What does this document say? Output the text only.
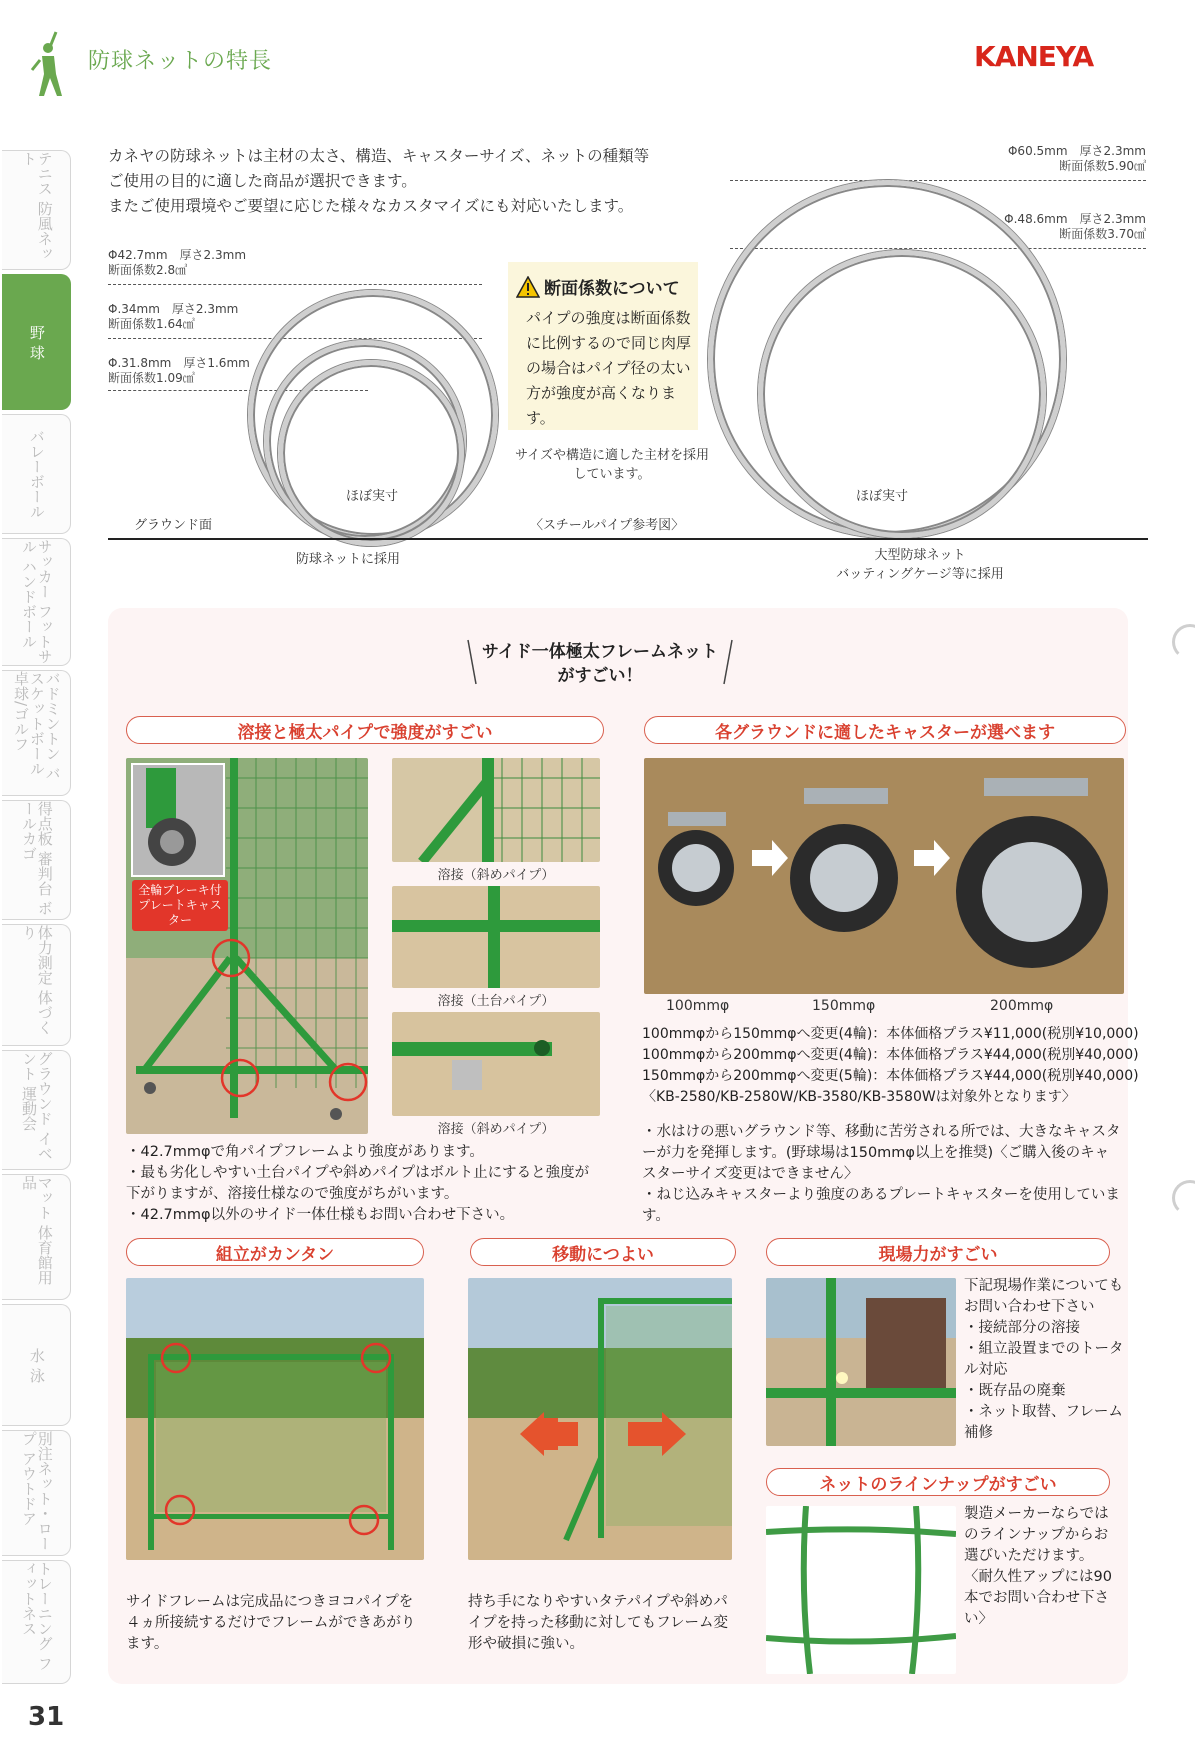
防球ネットの特長	KANEYA
テニス 防風ネット
野 球
バレーボール
サッカー フットサル ハンドボール
バドミントン バスケットボール 卓球/ゴルフ
得点板 審判台 ボールカゴ
体力測定 体づくり
グラウンド イベント 運動会
マット 体育館用品
水 泳
別注ネット・ロープ アウトドア
トレーニング フィットネス
31
カネヤの防球ネットは主材の太さ、構造、キャスターサイズ、ネットの種類等
ご使用の目的に適した商品が選択できます。
またご使用環境やご要望に応じた様々なカスタマイズにも対応いたします。
Φ42.7mm　厚さ2.3mm
断面係数2.8㎤
Φ.34mm　厚さ2.3mm
断面係数1.64㎤
Φ.31.8mm　厚さ1.6mm
断面係数1.09㎤
ほぼ実寸
グラウンド面
断面係数について
パイプの強度は断面係数に比例するので同じ肉厚の場合はパイプ径の太い方が強度が高くなります。
サイズや構造に適した主材を採用しています。
〈スチールパイプ参考図〉
Φ60.5mm　厚さ2.3mm
断面係数5.90㎤
Φ.48.6mm　厚さ2.3mm
断面係数3.70㎤
ほぼ実寸
防球ネットに採用	大型防球ネット
バッティングケージ等に採用
サイド一体極太フレームネット
がすごい！
溶接と極太パイプで強度がすごい
全輪ブレーキ付プレートキャスター
溶接（斜めパイプ）
溶接（土台パイプ）
溶接（斜めパイプ）
・42.7mmφで角パイプフレームより強度があります。
・最も劣化しやすい土台パイプや斜めパイプはボルト止にすると強度が下がりますが、溶接仕様なので強度がちがいます。
・42.7mmφ以外のサイド一体仕様もお問い合わせ下さい。
各グラウンドに適したキャスターが選べます
100mmφ	150mmφ	200mmφ
100mmφから150mmφへ変更(4輪)：本体価格プラス¥11,000(税別¥10,000)
100mmφから200mmφへ変更(4輪)：本体価格プラス¥44,000(税別¥40,000)
150mmφから200mmφへ変更(5輪)：本体価格プラス¥44,000(税別¥40,000)
〈KB-2580/KB-2580W/KB-3580/KB-3580Wは対象外となります〉
・水はけの悪いグラウンド等、移動に苦労される所では、大きなキャスターが力を発揮します。(野球場は150mmφ以上を推奨)〈ご購入後のキャスターサイズ変更はできません〉
・ねじ込みキャスターより強度のあるプレートキャスターを使用しています。
組立がカンタン
サイドフレームは完成品につきヨコパイプを４ヵ所接続するだけでフレームができあがります。
移動につよい
持ち手になりやすいタテパイプや斜めパイプを持った移動に対してもフレーム変形や破損に強い。
現場力がすごい
下記現場作業についてもお問い合わせ下さい
・接続部分の溶接
・組立設置までのトータル対応
・既存品の廃棄
・ネット取替、フレーム補修
ネットのラインナップがすごい
製造メーカーならではのラインナップからお選びいただけます。
〈耐久性アップには90本でお問い合わせ下さい〉
